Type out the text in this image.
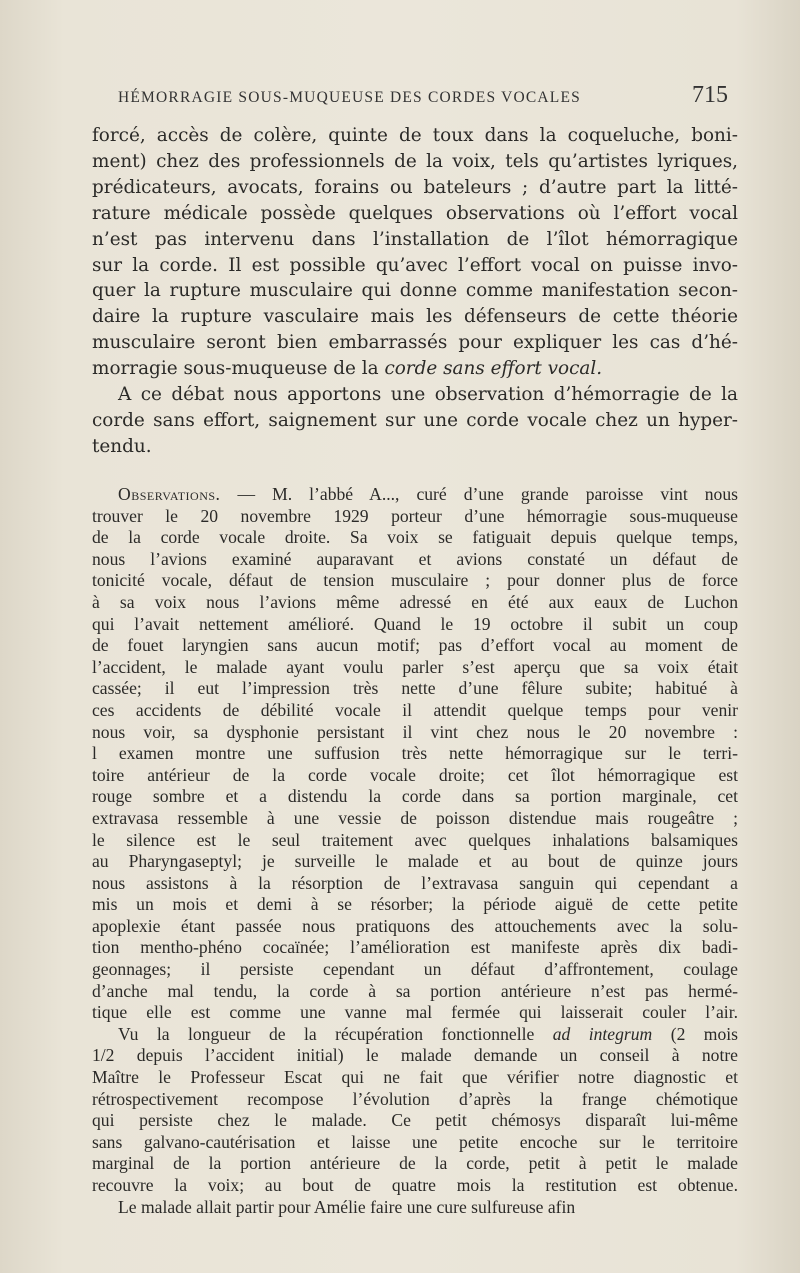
HÉMORRAGIE SOUS-MUQUEUSE DES CORDES VOCALES	715
forcé, accès de colère, quinte de toux dans la coqueluche, boni-
ment) chez des professionnels de la voix, tels qu’artistes lyriques,
prédicateurs, avocats, forains ou bateleurs ; d’autre part la litté-
rature médicale possède quelques observations où l’effort vocal
n’est pas intervenu dans l’installation de l’îlot hémorragique
sur la corde. Il est possible qu’avec l’effort vocal on puisse invo-
quer la rupture musculaire qui donne comme manifestation secon-
daire la rupture vasculaire mais les défenseurs de cette théorie
musculaire seront bien embarrassés pour expliquer les cas d’hé-
morragie sous-muqueuse de la corde sans effort vocal.
A ce débat nous apportons une observation d’hémorragie de la
corde sans effort, saignement sur une corde vocale chez un hyper-
tendu.
Observations. — M. l’abbé A..., curé d’une grande paroisse vint nous
trouver le 20 novembre 1929 porteur d’une hémorragie sous-muqueuse
de la corde vocale droite. Sa voix se fatiguait depuis quelque temps,
nous l’avions examiné auparavant et avions constaté un défaut de
tonicité vocale, défaut de tension musculaire ; pour donner plus de force
à sa voix nous l’avions même adressé en été aux eaux de Luchon
qui l’avait nettement amélioré. Quand le 19 octobre il subit un coup
de fouet laryngien sans aucun motif; pas d’effort vocal au moment de
l’accident, le malade ayant voulu parler s’est aperçu que sa voix était
cassée; il eut l’impression très nette d’une fêlure subite; habitué à
ces accidents de débilité vocale il attendit quelque temps pour venir
nous voir, sa dysphonie persistant il vint chez nous le 20 novembre :
l examen montre une suffusion très nette hémorragique sur le terri-
toire antérieur de la corde vocale droite; cet îlot hémorragique est
rouge sombre et a distendu la corde dans sa portion marginale, cet
extravasa ressemble à une vessie de poisson distendue mais rougeâtre ;
le silence est le seul traitement avec quelques inhalations balsamiques
au Pharyngaseptyl; je surveille le malade et au bout de quinze jours
nous assistons à la résorption de l’extravasa sanguin qui cependant a
mis un mois et demi à se résorber; la période aiguë de cette petite
apoplexie étant passée nous pratiquons des attouchements avec la solu-
tion mentho-phéno cocaïnée; l’amélioration est manifeste après dix badi-
geonnages; il persiste cependant un défaut d’affrontement, coulage
d’anche mal tendu, la corde à sa portion antérieure n’est pas hermé-
tique elle est comme une vanne mal fermée qui laisserait couler l’air.
Vu la longueur de la récupération fonctionnelle ad integrum (2 mois
1/2 depuis l’accident initial) le malade demande un conseil à notre
Maître le Professeur Escat qui ne fait que vérifier notre diagnostic et
rétrospectivement recompose l’évolution d’après la frange chémotique
qui persiste chez le malade. Ce petit chémosys disparaît lui-même
sans galvano-cautérisation et laisse une petite encoche sur le territoire
marginal de la portion antérieure de la corde, petit à petit le malade
recouvre la voix; au bout de quatre mois la restitution est obtenue.
Le malade allait partir pour Amélie faire une cure sulfureuse afin
